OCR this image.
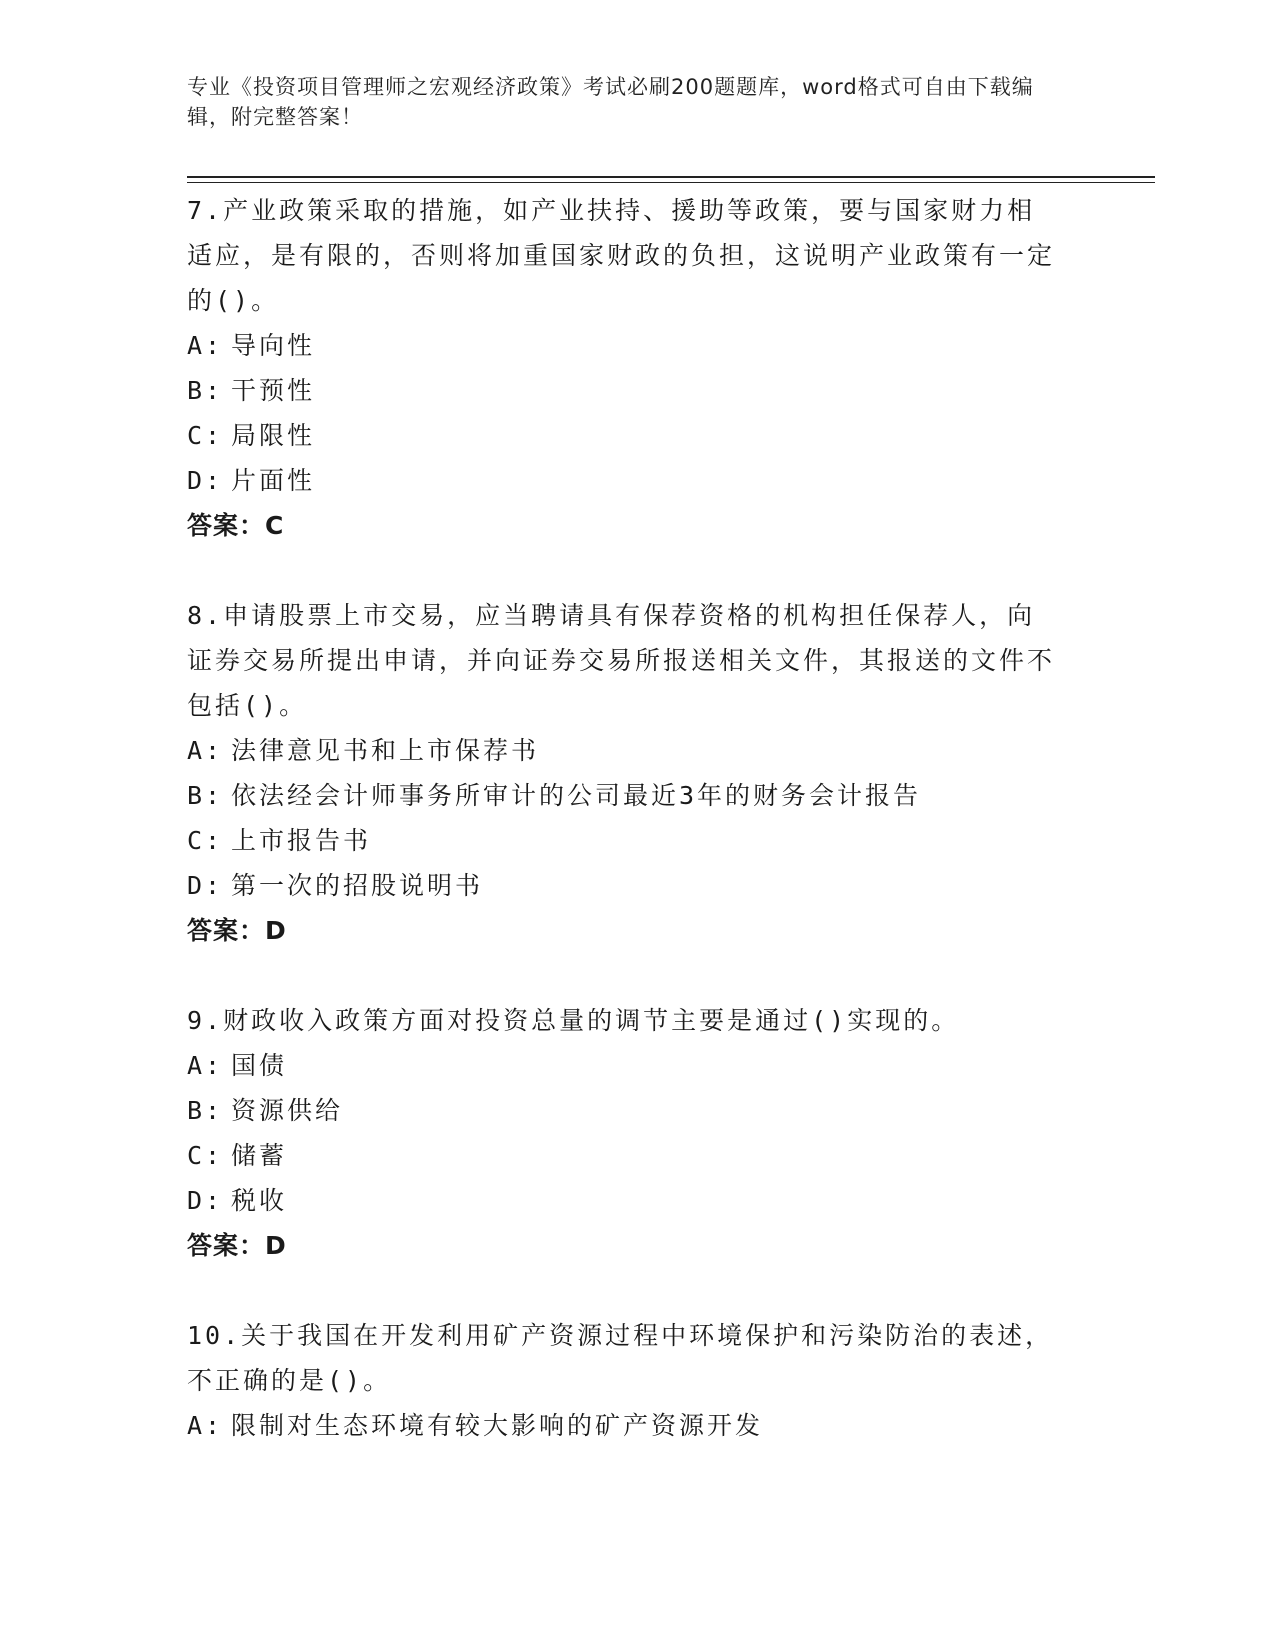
专业《投资项目管理师之宏观经济政策》考试必刷200题题库，word格式可自由下载编辑，附完整答案！

7.产业政策采取的措施，如产业扶持、援助等政策，要与国家财力相适应，是有限的，否则将加重国家财政的负担，这说明产业政策有一定的()。

A: 导向性

B: 干预性

C: 局限性

D: 片面性

答案：C

8.申请股票上市交易，应当聘请具有保荐资格的机构担任保荐人，向证券交易所提出申请，并向证券交易所报送相关文件，其报送的文件不包括()。

A: 法律意见书和上市保荐书

B: 依法经会计师事务所审计的公司最近3年的财务会计报告

C: 上市报告书

D: 第一次的招股说明书

答案：D

9.财政收入政策方面对投资总量的调节主要是通过()实现的。

A: 国债

B: 资源供给

C: 储蓄

D: 税收

答案：D

10.关于我国在开发利用矿产资源过程中环境保护和污染防治的表述，不正确的是()。

A: 限制对生态环境有较大影响的矿产资源开发
